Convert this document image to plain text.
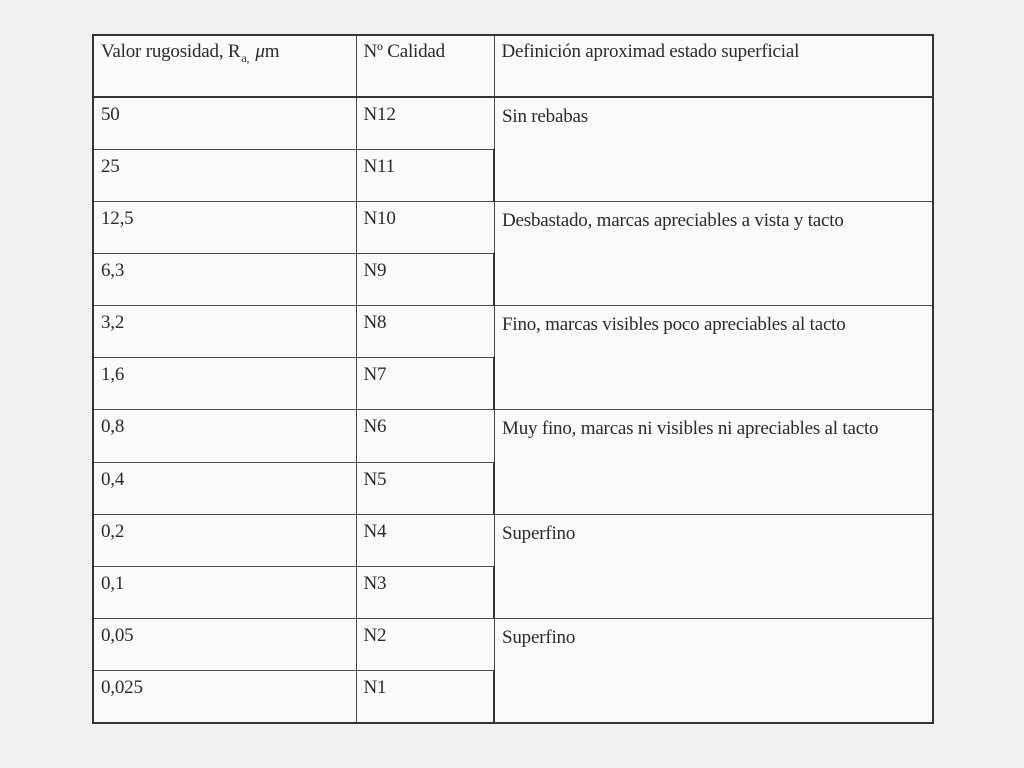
Valor rugosidad, $R_{a,}$ μm	Nº Calidad	Definición aproximad estado superficial
50	N12	Sin rebabas
25	N11	
12,5	N10	Desbastado, marcas apreciables a vista y tacto
6,3	N9	
3,2	N8	Fino, marcas visibles poco apreciables al tacto
1,6	N7	
0,8	N6	Muy fino, marcas ni visibles ni apreciables al tacto
0,4	N5	
0,2	N4	Superfino
0,1	N3	
0,05	N2	Superfino
0,025	N1	
